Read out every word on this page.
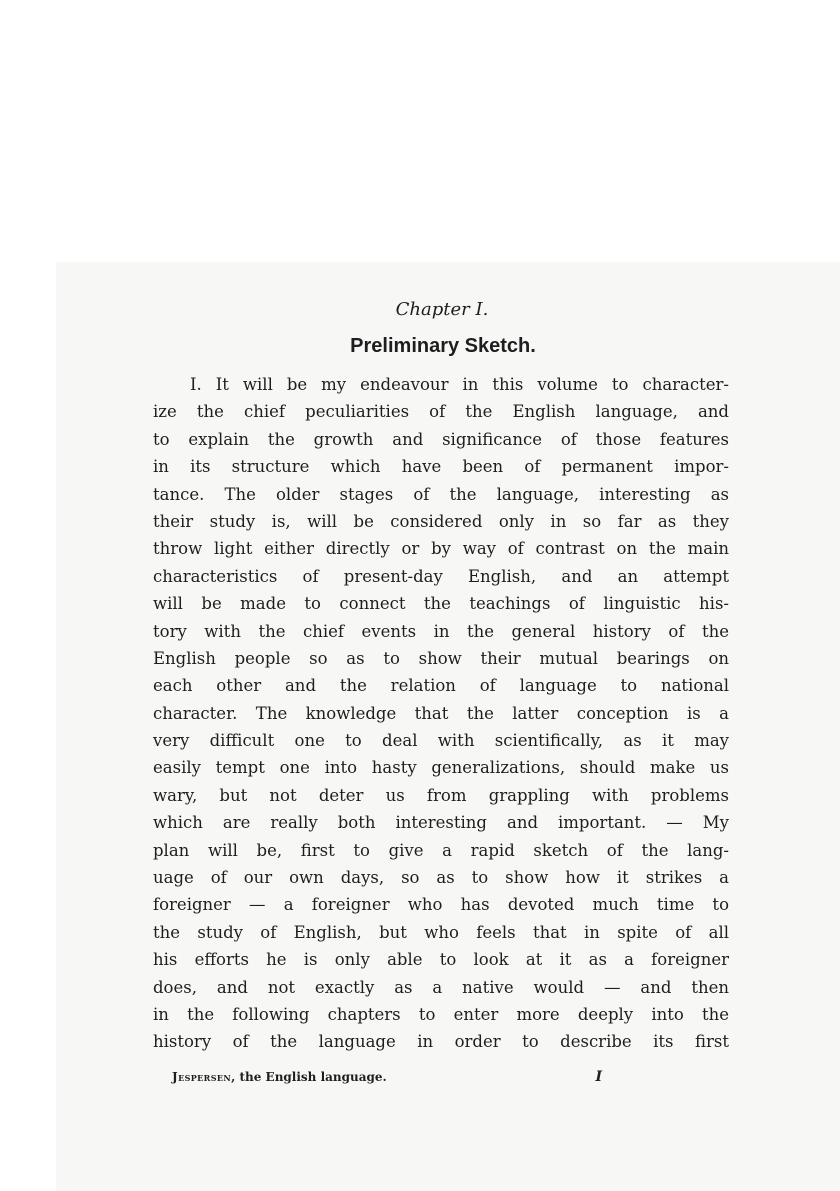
Chapter I.
Preliminary Sketch.
I. It will be my endeavour in this volume to character-
ize the chief peculiarities of the English language, and
to explain the growth and significance of those features
in its structure which have been of permanent impor-
tance. The older stages of the language, interesting as
their study is, will be considered only in so far as they
throw light either directly or by way of contrast on the main
characteristics of present-day English, and an attempt
will be made to connect the teachings of linguistic his-
tory with the chief events in the general history of the
English people so as to show their mutual bearings on
each other and the relation of language to national
character. The knowledge that the latter conception is a
very difficult one to deal with scientifically, as it may
easily tempt one into hasty generalizations, should make us
wary, but not deter us from grappling with problems
which are really both interesting and important. — My
plan will be, first to give a rapid sketch of the lang-
uage of our own days, so as to show how it strikes a
foreigner — a foreigner who has devoted much time to
the study of English, but who feels that in spite of all
his efforts he is only able to look at it as a foreigner
does, and not exactly as a native would — and then
in the following chapters to enter more deeply into the
history of the language in order to describe its first
Jespersen, the English language.	I
